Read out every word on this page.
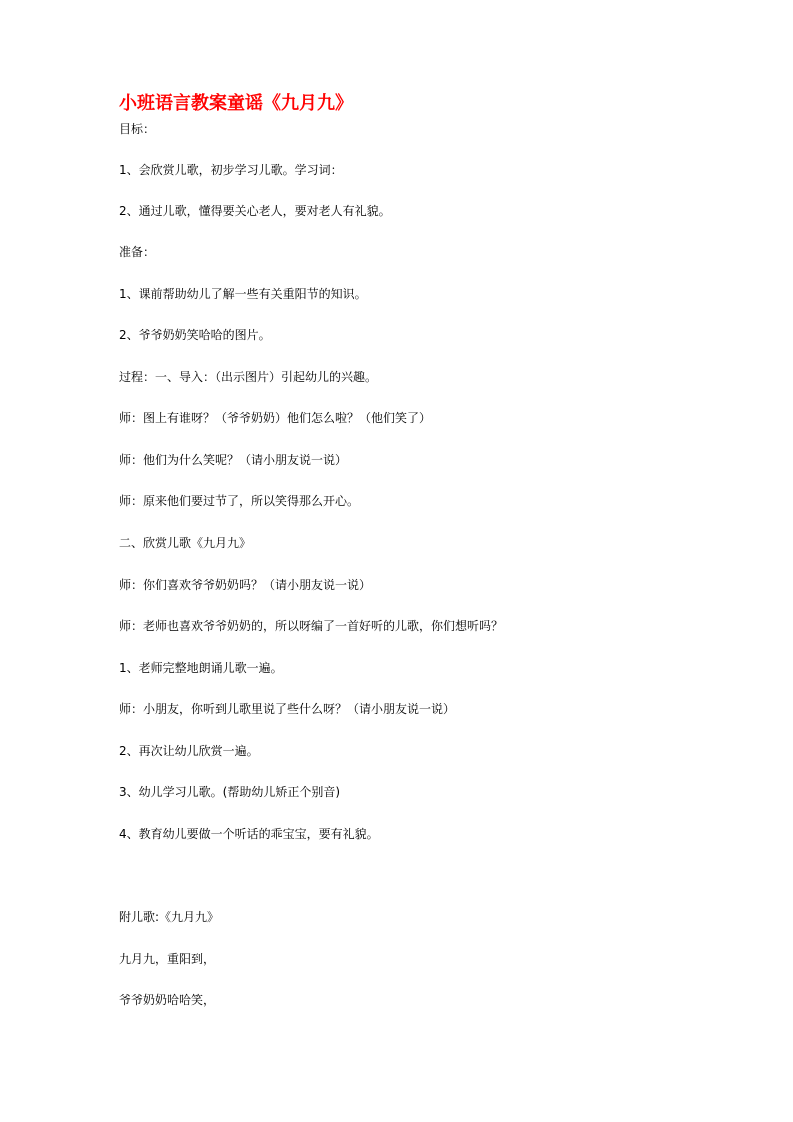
小班语言教案童谣《九月九》
目标：
1、会欣赏儿歌，初步学习儿歌。学习词：
2、通过儿歌，懂得要关心老人，要对老人有礼貌。
准备：
1、课前帮助幼儿了解一些有关重阳节的知识。
2、爷爷奶奶笑哈哈的图片。
过程：一、导入：（出示图片）引起幼儿的兴趣。
师：图上有谁呀？（爷爷奶奶）他们怎么啦？（他们笑了）
师：他们为什么笑呢？（请小朋友说一说）
师：原来他们要过节了，所以笑得那么开心。
二、欣赏儿歌《九月九》
师：你们喜欢爷爷奶奶吗？（请小朋友说一说）
师：老师也喜欢爷爷奶奶的，所以呀编了一首好听的儿歌，你们想听吗？
1、老师完整地朗诵儿歌一遍。
师：小朋友，你听到儿歌里说了些什么呀？（请小朋友说一说）
2、再次让幼儿欣赏一遍。
3、幼儿学习儿歌。(帮助幼儿矫正个别音)
4、教育幼儿要做一个听话的乖宝宝，要有礼貌。
附儿歌:《九月九》
九月九，重阳到，
爷爷奶奶哈哈笑，
